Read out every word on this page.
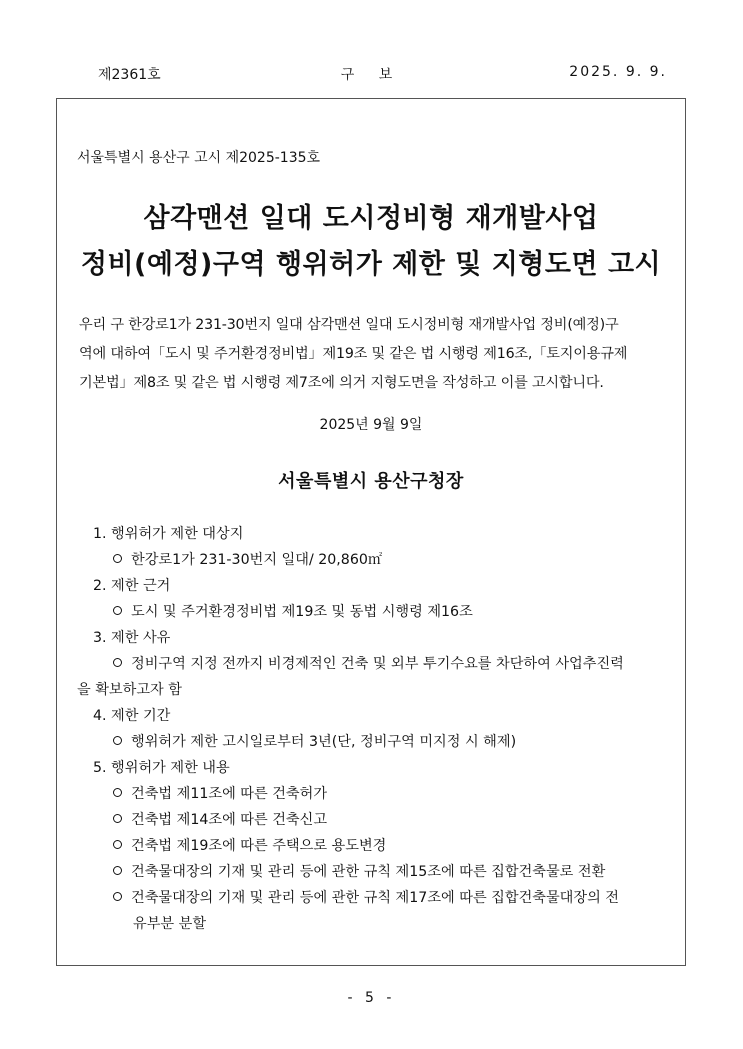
제2361호	구 보	2025. 9. 9.
서울특별시 용산구 고시 제2025-135호
삼각맨션 일대 도시정비형 재개발사업
정비(예정)구역 행위허가 제한 및 지형도면 고시
우리 구 한강로1가 231-30번지 일대 삼각맨션 일대 도시정비형 재개발사업 정비(예정)구
역에 대하여「도시 및 주거환경정비법」제19조 및 같은 법 시행령 제16조,「토지이용규제
기본법」제8조 및 같은 법 시행령 제7조에 의거 지형도면을 작성하고 이를 고시합니다.
2025년 9월 9일
서울특별시 용산구청장
1. 행위허가 제한 대상지
한강로1가 231-30번지 일대/ 20,860㎡
2. 제한 근거
도시 및 주거환경정비법 제19조 및 동법 시행령 제16조
3. 제한 사유
정비구역 지정 전까지 비경제적인 건축 및 외부 투기수요를 차단하여 사업추진력
을 확보하고자 함
4. 제한 기간
행위허가 제한 고시일로부터 3년(단, 정비구역 미지정 시 해제)
5. 행위허가 제한 내용
건축법 제11조에 따른 건축허가
건축법 제14조에 따른 건축신고
건축법 제19조에 따른 주택으로 용도변경
건축물대장의 기재 및 관리 등에 관한 규칙 제15조에 따른 집합건축물로 전환
건축물대장의 기재 및 관리 등에 관한 규칙 제17조에 따른 집합건축물대장의 전
유부분 분할
- 5 -
